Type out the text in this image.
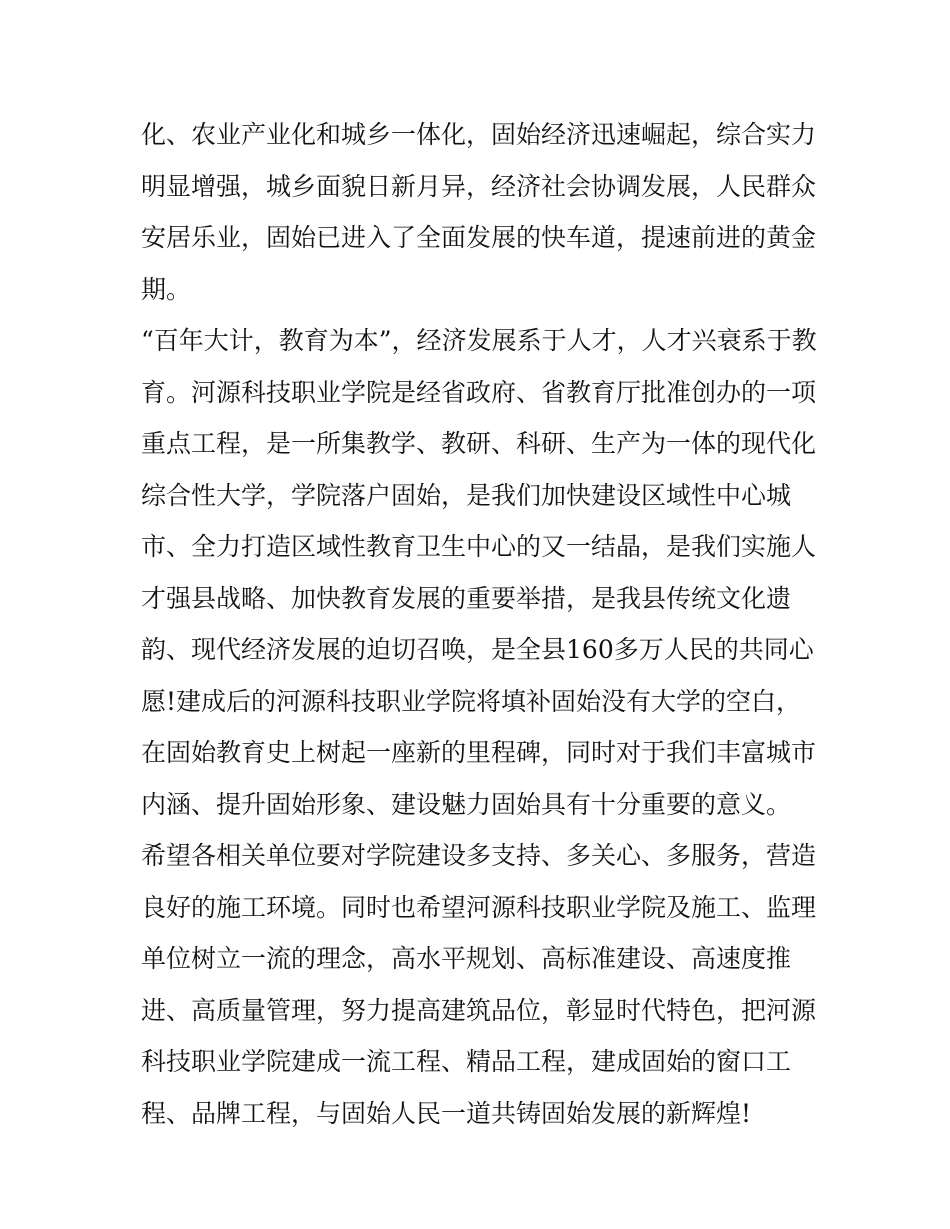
化、农业产业化和城乡一体化，固始经济迅速崛起，综合实力
明显增强，城乡面貌日新月异，经济社会协调发展，人民群众
安居乐业，固始已进入了全面发展的快车道，提速前进的黄金
期。
“百年大计，教育为本”，经济发展系于人才，人才兴衰系于教
育。河源科技职业学院是经省政府、省教育厅批准创办的一项
重点工程，是一所集教学、教研、科研、生产为一体的现代化
综合性大学，学院落户固始，是我们加快建设区域性中心城
市、全力打造区域性教育卫生中心的又一结晶，是我们实施人
才强县战略、加快教育发展的重要举措，是我县传统文化遗
韵、现代经济发展的迫切召唤，是全县160多万人民的共同心
愿!建成后的河源科技职业学院将填补固始没有大学的空白，
在固始教育史上树起一座新的里程碑，同时对于我们丰富城市
内涵、提升固始形象、建设魅力固始具有十分重要的意义。
希望各相关单位要对学院建设多支持、多关心、多服务，营造
良好的施工环境。同时也希望河源科技职业学院及施工、监理
单位树立一流的理念，高水平规划、高标准建设、高速度推
进、高质量管理，努力提高建筑品位，彰显时代特色，把河源
科技职业学院建成一流工程、精品工程，建成固始的窗口工
程、品牌工程，与固始人民一道共铸固始发展的新辉煌!
